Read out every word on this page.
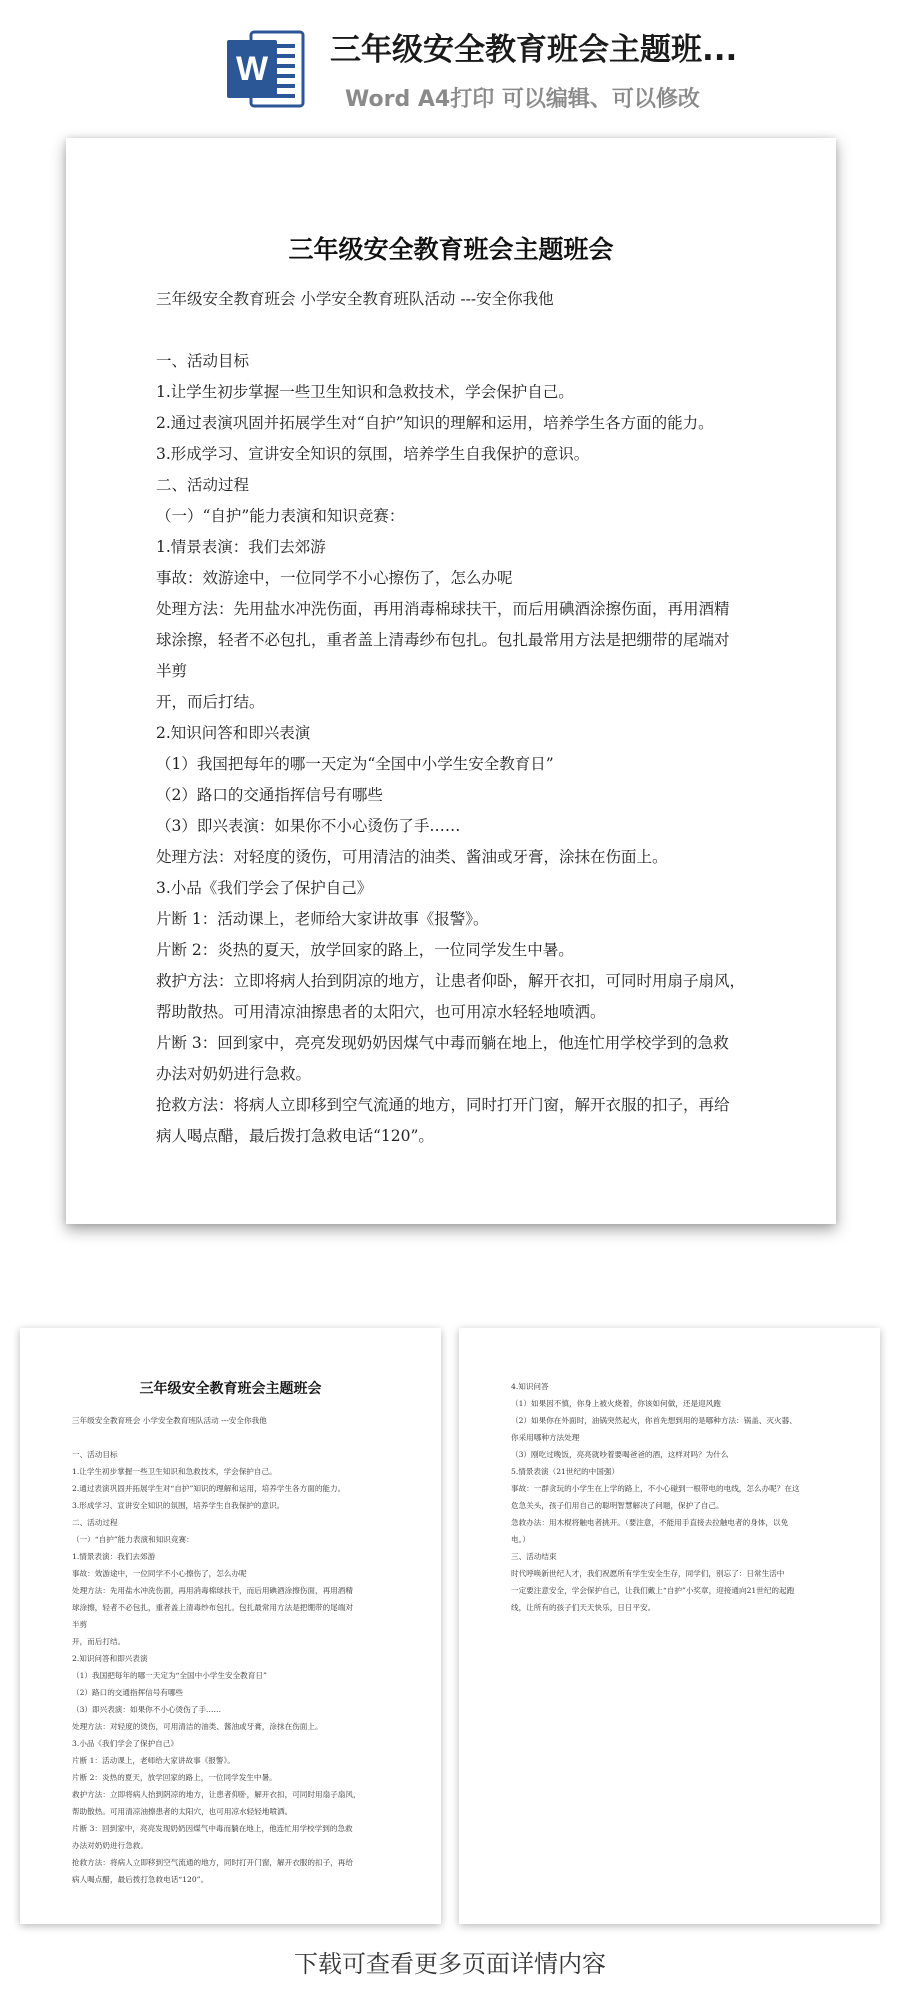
W 三年级安全教育班会主题班...
Word A4打印 可以编辑、可以修改
三年级安全教育班会主题班会
三年级安全教育班会 小学安全教育班队活动 ---安全你我他
一、活动目标
1.让学生初步掌握一些卫生知识和急救技术，学会保护自己。
2.通过表演巩固并拓展学生对“自护”知识的理解和运用，培养学生各方面的能力。
3.形成学习、宣讲安全知识的氛围，培养学生自我保护的意识。
二、活动过程
（一）“自护”能力表演和知识竞赛：
1.情景表演：我们去郊游
事故：效游途中，一位同学不小心擦伤了，怎么办呢
处理方法：先用盐水冲洗伤面，再用消毒棉球扶干，而后用碘酒涂擦伤面，再用酒精
球涂擦，轻者不必包扎，重者盖上清毒纱布包扎。包扎最常用方法是把绷带的尾端对
半剪
开，而后打结。
2.知识问答和即兴表演
（1）我国把每年的哪一天定为“全国中小学生安全教育日”
（2）路口的交通指挥信号有哪些
（3）即兴表演：如果你不小心烫伤了手……
处理方法：对轻度的烫伤，可用清洁的油类、酱油或牙膏，涂抹在伤面上。
3.小品《我们学会了保护自己》
片断 1：活动课上，老师给大家讲故事《报警》。
片断 2：炎热的夏天，放学回家的路上，一位同学发生中暑。
救护方法：立即将病人抬到阴凉的地方，让患者仰卧，解开衣扣，可同时用扇子扇风，
帮助散热。可用清凉油擦患者的太阳穴，也可用凉水轻轻地喷洒。
片断 3：回到家中，亮亮发现奶奶因煤气中毒而躺在地上，他连忙用学校学到的急救
办法对奶奶进行急救。
抢救方法：将病人立即移到空气流通的地方，同时打开门窗，解开衣服的扣子，再给
病人喝点醋，最后拨打急救电话“120”。
三年级安全教育班会主题班会
三年级安全教育班会 小学安全教育班队活动 ---安全你我他
一、活动目标
1.让学生初步掌握一些卫生知识和急救技术，学会保护自己。
2.通过表演巩固并拓展学生对“自护”知识的理解和运用，培养学生各方面的能力。
3.形成学习、宣讲安全知识的氛围，培养学生自我保护的意识。
二、活动过程
（一）“自护”能力表演和知识竞赛：
1.情景表演：我们去郊游
事故：效游途中，一位同学不小心擦伤了，怎么办呢
处理方法：先用盐水冲洗伤面，再用消毒棉球扶干，而后用碘酒涂擦伤面，再用酒精
球涂擦，轻者不必包扎，重者盖上清毒纱布包扎。包扎最常用方法是把绷带的尾端对
半剪
开，而后打结。
2.知识问答和即兴表演
（1）我国把每年的哪一天定为“全国中小学生安全教育日”
（2）路口的交通指挥信号有哪些
（3）即兴表演：如果你不小心烫伤了手……
处理方法：对轻度的烫伤，可用清洁的油类、酱油或牙膏，涂抹在伤面上。
3.小品《我们学会了保护自己》
片断 1：活动课上，老师给大家讲故事《报警》。
片断 2：炎热的夏天，放学回家的路上，一位同学发生中暑。
救护方法：立即将病人抬到阴凉的地方，让患者仰卧，解开衣扣，可同时用扇子扇风，
帮助散热。可用清凉油擦患者的太阳穴，也可用凉水轻轻地喷洒。
片断 3：回到家中，亮亮发现奶奶因煤气中毒而躺在地上，他连忙用学校学到的急救
办法对奶奶进行急救。
抢救方法：将病人立即移到空气流通的地方，同时打开门窗，解开衣服的扣子，再给
病人喝点醋，最后拨打急救电话“120”。
4.知识问答
（1）如果因不慎，你身上被火烧着，你该如何做，还是迎风跑
（2）如果你在外面时，油锅突然起火，你首先想到用的是哪种方法：锅盖、灭火器、
你采用哪种方法处理
（3）刚吃过晚饭，亮亮就吵着要喝爸爸的酒，这样对吗？为什么
5.情景表演（21世纪的中国强）
事故：一群贪玩的小学生在上学的路上，不小心碰到一根带电的电线，怎么办呢？在这
危急关头，孩子们用自己的聪明智慧解决了问题，保护了自己。
急救办法：用木棍将触电者挑开。（要注意，不能用手直接去拉触电者的身体，以免
电。）
三、活动结束
时代呼唤新世纪人才，我们祝愿所有学生安全生存，同学们，别忘了：日常生活中
一定要注意安全，学会保护自己，让我们戴上“自护”小奖章，迎接通向21世纪的起跑
线，让所有的孩子们天天快乐，日日平安。
下载可查看更多页面详情内容
